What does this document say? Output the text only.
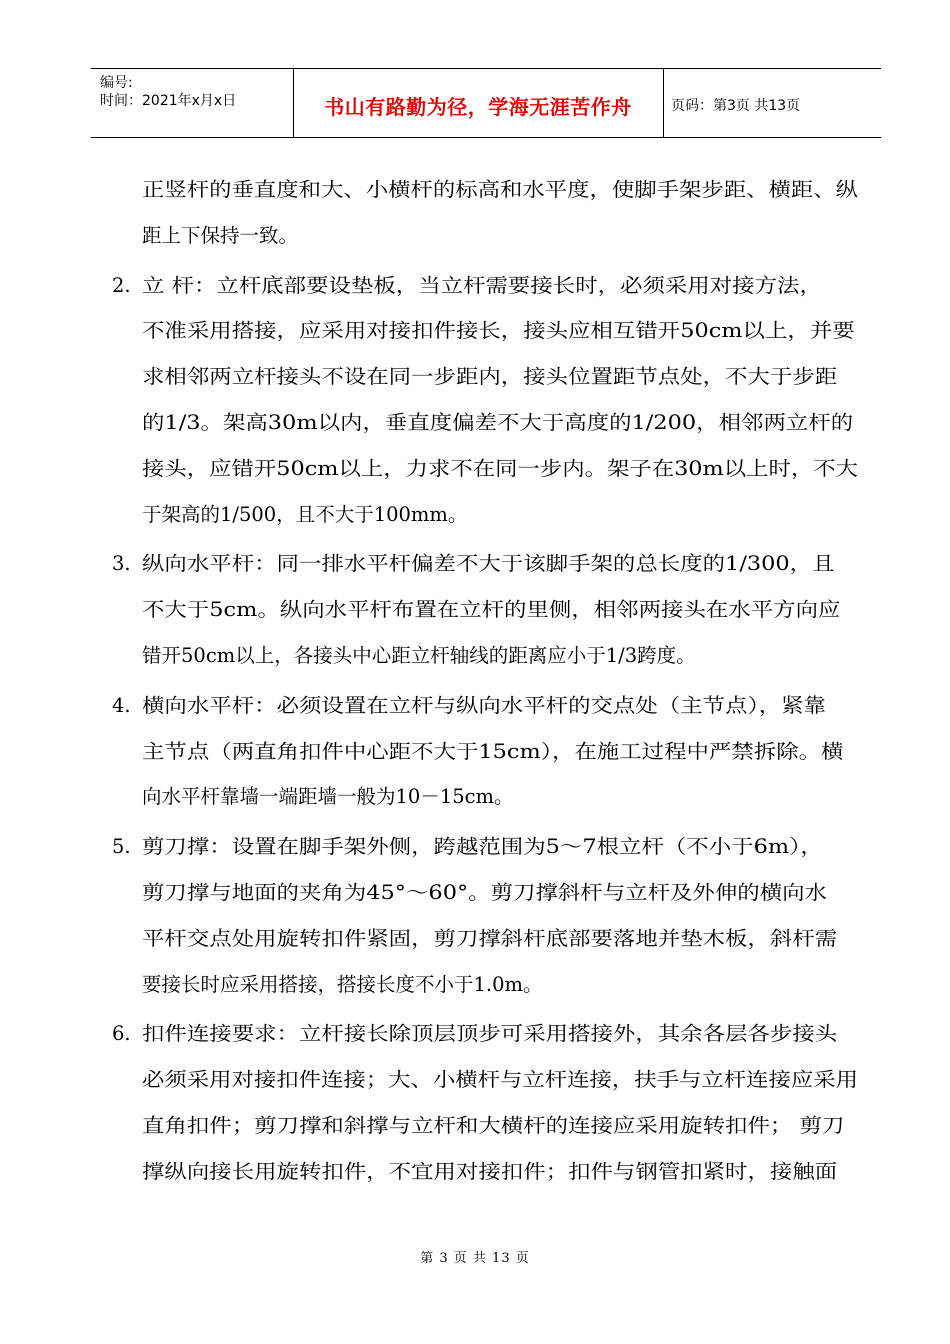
编号:
时间：2021年x月x日	书山有路勤为径，学海无涯苦作舟	页码：第3页 共13页
正竖杆的垂直度和大、小横杆的标高和水平度，使脚手架步距、横距、纵
距上下保持一致。
2. 立 杆：立杆底部要设垫板，当立杆需要接长时，必须采用对接方法，
不准采用搭接，应采用对接扣件接长，接头应相互错开50cm以上，并要
求相邻两立杆接头不设在同一步距内，接头位置距节点处，不大于步距
的1/3。架高30m以内，垂直度偏差不大于高度的1/200，相邻两立杆的
接头，应错开50cm以上，力求不在同一步内。架子在30m以上时，不大
于架高的1/500，且不大于100mm。
3. 纵向水平杆：同一排水平杆偏差不大于该脚手架的总长度的1/300，且
不大于5cm。纵向水平杆布置在立杆的里侧，相邻两接头在水平方向应
错开50cm以上，各接头中心距立杆轴线的距离应小于1/3跨度。
4. 横向水平杆：必须设置在立杆与纵向水平杆的交点处（主节点），紧靠
主节点（两直角扣件中心距不大于15cm），在施工过程中严禁拆除。横
向水平杆靠墙一端距墙一般为10－15cm。
5. 剪刀撑：设置在脚手架外侧，跨越范围为5～7根立杆（不小于6m），
剪刀撑与地面的夹角为45°～60°。剪刀撑斜杆与立杆及外伸的横向水
平杆交点处用旋转扣件紧固，剪刀撑斜杆底部要落地并垫木板，斜杆需
要接长时应采用搭接，搭接长度不小于1.0m。
6. 扣件连接要求：立杆接长除顶层顶步可采用搭接外，其余各层各步接头
必须采用对接扣件连接；大、小横杆与立杆连接，扶手与立杆连接应采用
直角扣件；剪刀撑和斜撑与立杆和大横杆的连接应采用旋转扣件； 剪刀
撑纵向接长用旋转扣件，不宜用对接扣件；扣件与钢管扣紧时，接触面
第 3 页 共 13 页
